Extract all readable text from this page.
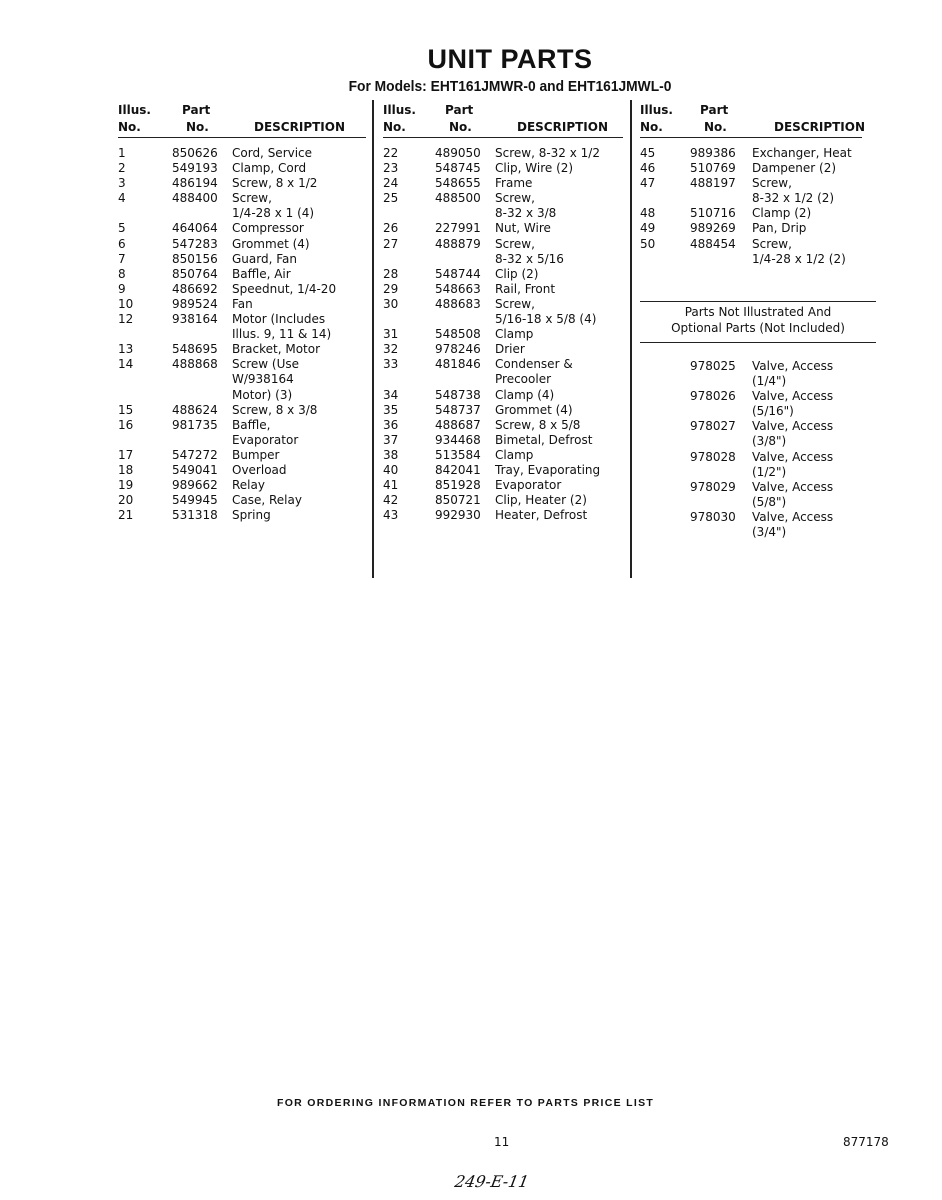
UNIT PARTS
For Models: EHT161JMWR-0 and EHT161JMWL-0
Illus.
No.
Part
No.	DESCRIPTION
1	850626 Cord, Service
2	549193 Clamp, Cord
3	486194 Screw, 8 x 1/2
4	488400 Screw,
1/4-28 x 1 (4)
5	464064 Compressor
6	547283 Grommet (4)
7	850156 Guard, Fan
8	850764 Baffle, Air
9	486692 Speednut, 1/4-20
10	989524 Fan
12	938164 Motor (Includes
Illus. 9, 11 & 14)
13	548695 Bracket, Motor
14	488868 Screw (Use
W/938164
Motor) (3)
15	488624 Screw, 8 x 3/8
16	981735 Baffle,
Evaporator
17	547272 Bumper
18	549041 Overload
19	989662 Relay
20	549945 Case, Relay
21	531318 Spring
Illus.
No.
Part
No.	DESCRIPTION
22	489050 Screw, 8-32 x 1/2
23	548745 Clip, Wire (2)
24	548655 Frame
25	488500 Screw,
8-32 x 3/8
26	227991 Nut, Wire
27	488879 Screw,
8-32 x 5/16
28	548744 Clip (2)
29	548663 Rail, Front
30	488683 Screw,
5/16-18 x 5/8 (4)
31	548508 Clamp
32	978246 Drier
33	481846 Condenser &
Precooler
34	548738 Clamp (4)
35	548737 Grommet (4)
36	488687 Screw, 8 x 5/8
37	934468 Bimetal, Defrost
38	513584 Clamp
40	842041 Tray, Evaporating
41	851928 Evaporator
42	850721 Clip, Heater (2)
43	992930 Heater, Defrost
Illus.
No.
Part
No.	DESCRIPTION
45	989386 Exchanger, Heat
46	510769 Dampener (2)
47	488197 Screw,
8-32 x 1/2 (2)
48	510716 Clamp (2)
49	989269 Pan, Drip
50	488454 Screw,
1/4-28 x 1/2 (2)
Parts Not Illustrated And
Optional Parts (Not Included)
978025 Valve, Access
(1/4")
978026 Valve, Access
(5/16")
978027 Valve, Access
(3/8")
978028 Valve, Access
(1/2")
978029 Valve, Access
(5/8")
978030 Valve, Access
(3/4")
FOR ORDERING INFORMATION REFER TO PARTS PRICE LIST
11	877178
249-E-11
